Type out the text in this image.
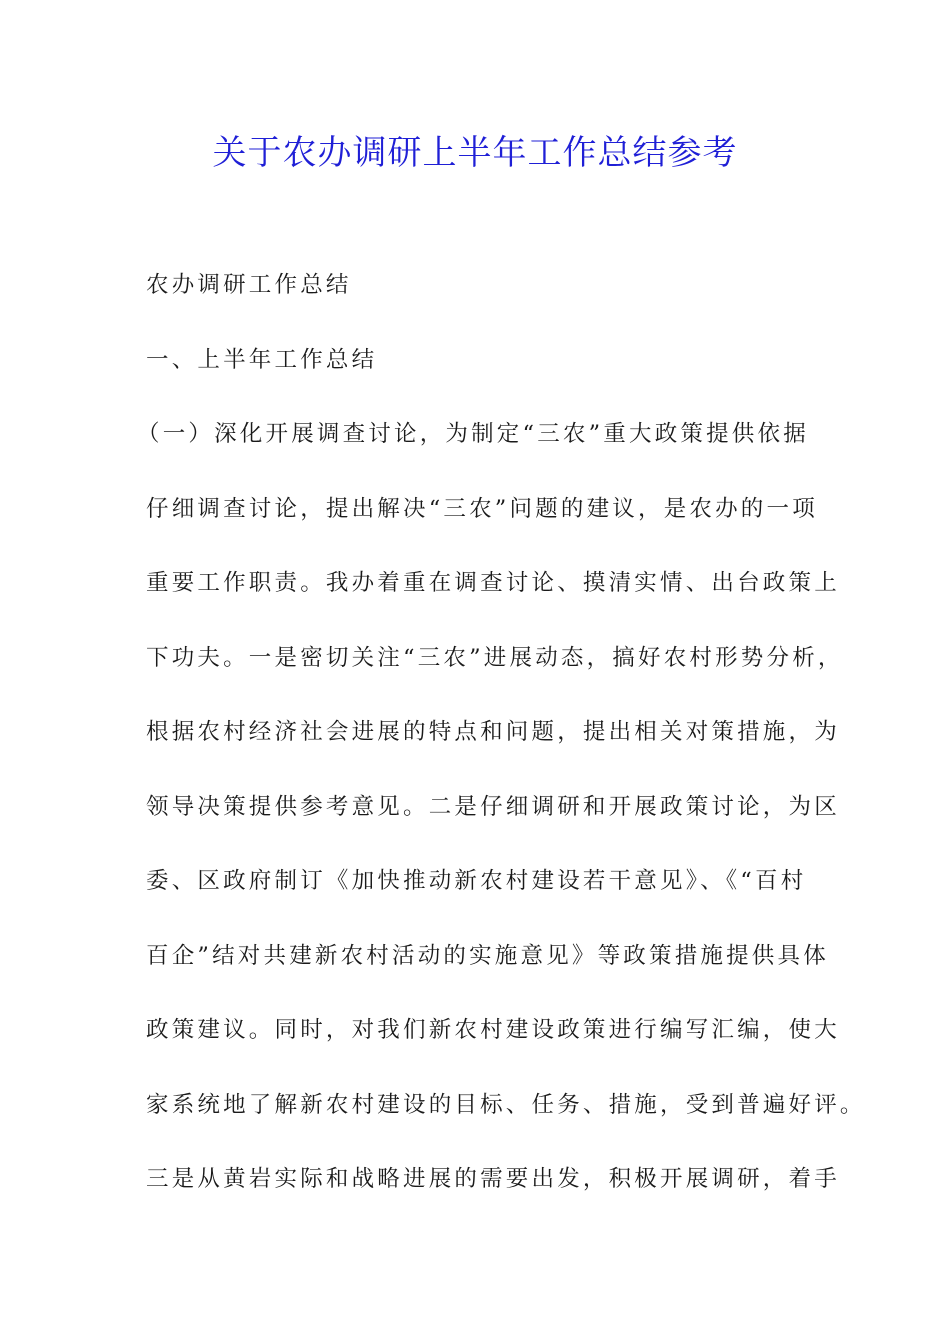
关于农办调研上半年工作总结参考
农办调研工作总结
一、上半年工作总结
（一）深化开展调查讨论，为制定“三农”重大政策提供依据
仔细调查讨论，提出解决“三农”问题的建议，是农办的一项
重要工作职责。我办着重在调查讨论、摸清实情、出台政策上
下功夫。一是密切关注“三农”进展动态，搞好农村形势分析，
根据农村经济社会进展的特点和问题，提出相关对策措施，为
领导决策提供参考意见。二是仔细调研和开展政策讨论，为区
委、区政府制订《加快推动新农村建设若干意见》、《“百村
百企”结对共建新农村活动的实施意见》等政策措施提供具体
政策建议。同时，对我们新农村建设政策进行编写汇编，使大
家系统地了解新农村建设的目标、任务、措施，受到普遍好评。
三是从黄岩实际和战略进展的需要出发，积极开展调研，着手
